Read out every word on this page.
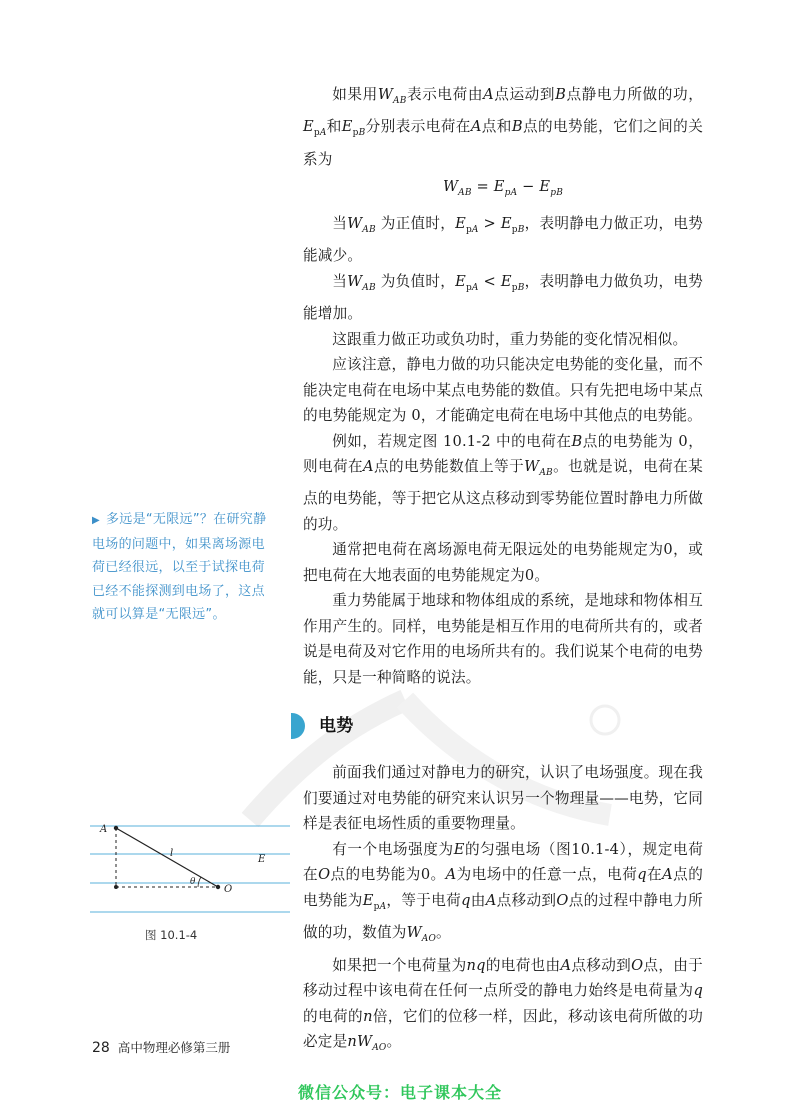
如果用$W_{AB}$表示电荷由A点运动到B点静电力所做的功，$E_{pA}$和$E_{pB}$分别表示电荷在A点和B点的电势能，它们之间的关系为

$W_{AB} = E_{pA} - E_{pB}$

当$W_{AB}$ 为正值时，$E_{pA} > E_{pB}$，表明静电力做正功，电势能减少。

当$W_{AB}$ 为负值时，$E_{pA} < E_{pB}$，表明静电力做负功，电势能增加。

这跟重力做正功或负功时，重力势能的变化情况相似。

应该注意，静电力做的功只能决定电势能的变化量，而不能决定电荷在电场中某点电势能的数值。只有先把电场中某点的电势能规定为 0，才能确定电荷在电场中其他点的电势能。

例如，若规定图 10.1-2 中的电荷在B点的电势能为 0，则电荷在A点的电势能数值上等于$W_{AB}$。也就是说，电荷在某点的电势能，等于把它从这点移动到零势能位置时静电力所做的功。

通常把电荷在离场源电荷无限远处的电势能规定为0，或把电荷在大地表面的电势能规定为0。

重力势能属于地球和物体组成的系统，是地球和物体相互作用产生的。同样，电势能是相互作用的电荷所共有的，或者说是电荷及对它作用的电场所共有的。我们说某个电荷的电势能，只是一种简略的说法。

电势

前面我们通过对静电力的研究，认识了电场强度。现在我们要通过对电势能的研究来认识另一个物理量——电势，它同样是表征电场性质的重要物理量。

有一个电场强度为E的匀强电场（图10.1-4），规定电荷在O点的电势能为0。A为电场中的任意一点，电荷q在A点的电势能为$E_{pA}$，等于电荷q由A点移动到O点的过程中静电力所做的功，数值为$W_{AO}$。

如果把一个电荷量为nq的电荷也由A点移动到O点，由于移动过程中该电荷在任何一点所受的静电力始终是电荷量为q的电荷的n倍，它们的位移一样，因此，移动该电荷所做的功必定是$nW_{AO}$。

▶ 多远是“无限远”？在研究静电场的问题中，如果离场源电荷已经很远，以至于试探电荷已经不能探测到电场了，这点就可以算是“无限远”。
A
l
θ
O
E
图 10.1-4
28 高中物理必修第三册
微信公众号：电子课本大全
